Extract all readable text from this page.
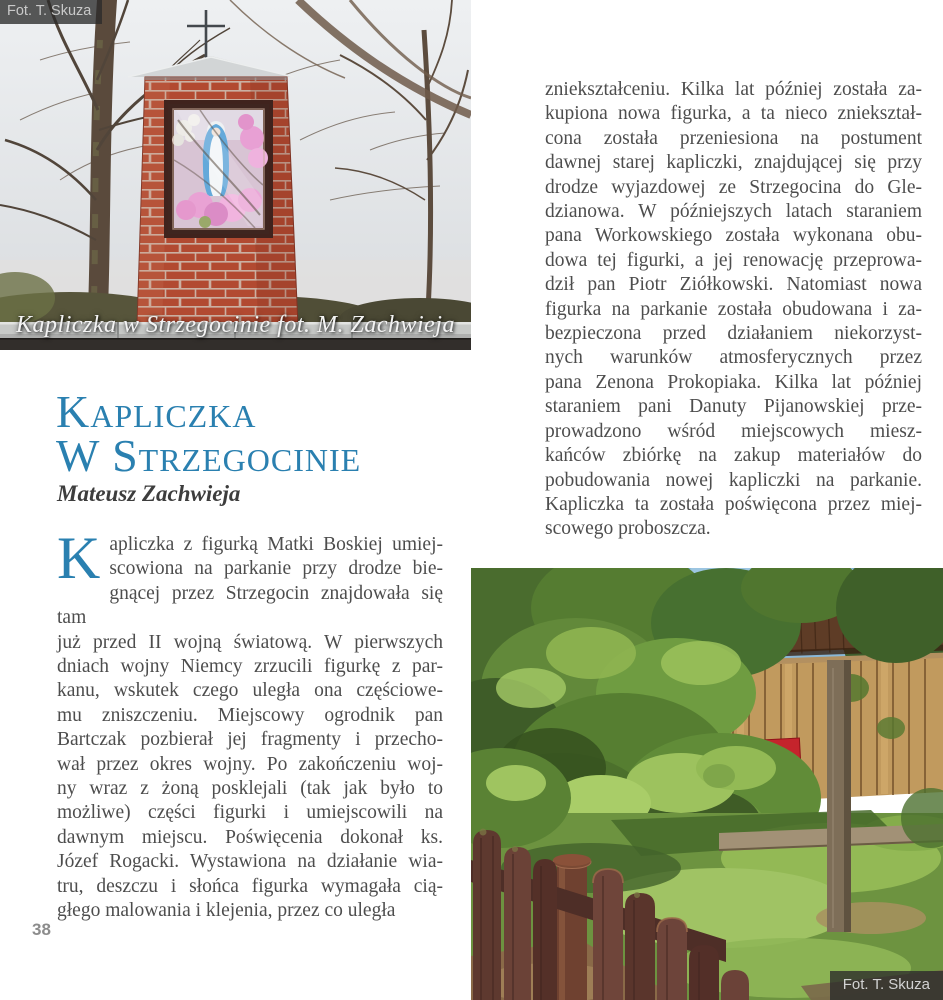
Fot. T. Skuza
Kapliczka w Strzegocinie fot. M. Zachwieja
Kapliczka
W Strzegocinie
Mateusz Zachwieja
K apliczka z figurką Matki Boskiej umiej-
scowiona na parkanie przy drodze bie-
gnącej przez Strzegocin znajdowała się tam
już przed II wojną światową. W pierwszych
dniach wojny Niemcy zrzucili figurkę z par-
kanu, wskutek czego uległa ona częściowe-
mu zniszczeniu. Miejscowy ogrodnik pan
Bartczak pozbierał jej fragmenty i przecho-
wał przez okres wojny. Po zakończeniu woj-
ny wraz z żoną posklejali (tak jak było to
możliwe) części figurki i umiejscowili na
dawnym miejscu. Poświęcenia dokonał ks.
Józef Rogacki. Wystawiona na działanie wia-
tru, deszczu i słońca figurka wymagała cią-
głego malowania i klejenia, przez co uległa
zniekształceniu. Kilka lat później została za-
kupiona nowa figurka, a ta nieco zniekształ-
cona została przeniesiona na postument
dawnej starej kapliczki, znajdującej się przy
drodze wyjazdowej ze Strzegocina do Gle-
dzianowa. W późniejszych latach staraniem
pana Workowskiego została wykonana obu-
dowa tej figurki, a jej renowację przeprowa-
dził pan Piotr Ziółkowski. Natomiast nowa
figurka na parkanie została obudowana i za-
bezpieczona przed działaniem niekorzyst-
nych warunków atmosferycznych przez
pana Zenona Prokopiaka. Kilka lat później
staraniem pani Danuty Pijanowskiej prze-
prowadzono wśród miejscowych miesz-
kańców zbiórkę na zakup materiałów do
pobudowania nowej kapliczki na parkanie.
Kapliczka ta została poświęcona przez miej-
scowego proboszcza.
38
Fot. T. Skuza
